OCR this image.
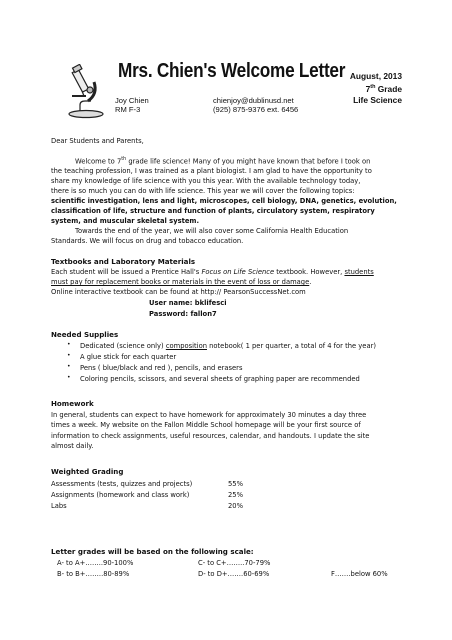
Mrs. Chien's Welcome Letter
Joy Chien
RM F-3
chienjoy@dublinusd.net
(925) 875-9376 ext. 6456
August, 2013
7th Grade
Life Science
Dear Students and Parents,
Welcome to 7th grade life science! Many of you might have known that before I took on
the teaching profession, I was trained as a plant biologist. I am glad to have the opportunity to
share my knowledge of life science with you this year. With the available technology today,
there is so much you can do with life science. This year we will cover the following topics:
scientific investigation, lens and light, microscopes, cell biology, DNA, genetics, evolution,
classification of life, structure and function of plants, circulatory system, respiratory
system, and muscular skeletal system.
Towards the end of the year, we will also cover some California Health Education
Standards. We will focus on drug and tobacco education.
Textbooks and Laboratory Materials
Each student will be issued a Prentice Hall's Focus on Life Science textbook. However, students
must pay for replacement books or materials in the event of loss or damage.
Online interactive textbook can be found at http:// PearsonSuccessNet.com
User name: bklifesci
Password: fallon7
Needed Supplies
• Dedicated (science only) composition notebook( 1 per quarter, a total of 4 for the year)
• A glue stick for each quarter
• Pens ( blue/black and red ), pencils, and erasers
• Coloring pencils, scissors, and several sheets of graphing paper are recommended
Homework
In general, students can expect to have homework for approximately 30 minutes a day three
times a week. My website on the Fallon Middle School homepage will be your first source of
information to check assignments, useful resources, calendar, and handouts. I update the site
almost daily.
Weighted Grading
Assessments (tests, quizzes and projects)	55%
Assignments (homework and class work)	25%
Labs	20%
Letter grades will be based on the following scale:
A- to A+……..90-100%	C- to C+……..70-79%
B- to B+……..80-89%	D- to D+…….60-69%	F…….below 60%
